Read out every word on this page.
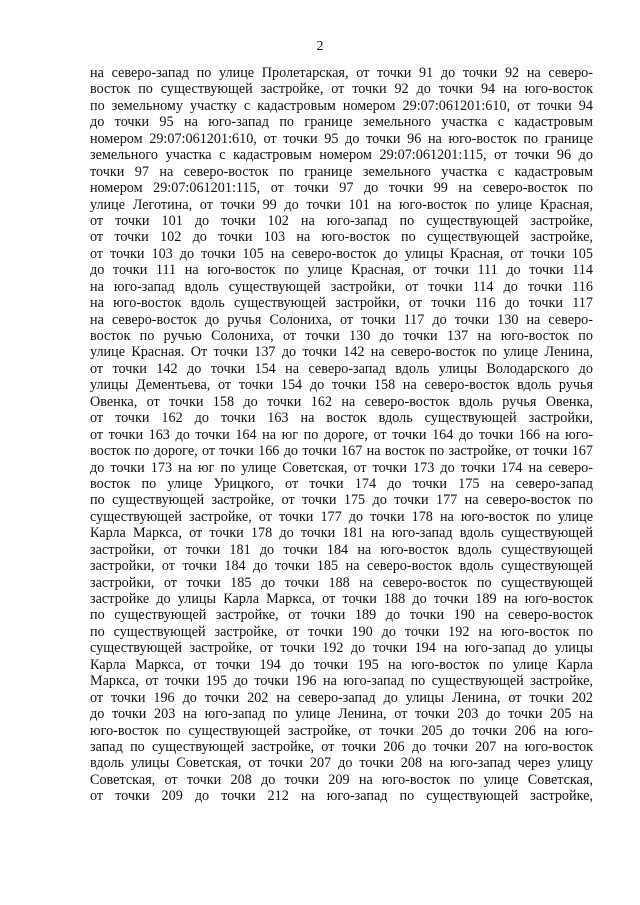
2
на северо-запад по улице Пролетарская, от точки 91 до точки 92 на северо-
восток по существующей застройке, от точки 92 до точки 94 на юго-восток
по земельному участку с кадастровым номером 29:07:061201:610, от точки 94
до точки 95 на юго-запад по границе земельного участка с кадастровым
номером 29:07:061201:610, от точки 95 до точки 96 на юго-восток по границе
земельного участка с кадастровым номером 29:07:061201:115, от точки 96 до
точки 97 на северо-восток по границе земельного участка с кадастровым
номером 29:07:061201:115, от точки 97 до точки 99 на северо-восток по
улице Леготина, от точки 99 до точки 101 на юго-восток по улице Красная,
от точки 101 до точки 102 на юго-запад по существующей застройке,
от точки 102 до точки 103 на юго-восток по существующей застройке,
от точки 103 до точки 105 на северо-восток до улицы Красная, от точки 105
до точки 111 на юго-восток по улице Красная, от точки 111 до точки 114
на юго-запад вдоль существующей застройки, от точки 114 до точки 116
на юго-восток вдоль существующей застройки, от точки 116 до точки 117
на северо-восток до ручья Солониха, от точки 117 до точки 130 на северо-
восток по ручью Солониха, от точки 130 до точки 137 на юго-восток по
улице Красная. От точки 137 до точки 142 на северо-восток по улице Ленина,
от точки 142 до точки 154 на северо-запад вдоль улицы Володарского до
улицы Дементьева, от точки 154 до точки 158 на северо-восток вдоль ручья
Овенка, от точки 158 до точки 162 на северо-восток вдоль ручья Овенка,
от точки 162 до точки 163 на восток вдоль существующей застройки,
от точки 163 до точки 164 на юг по дороге, от точки 164 до точки 166 на юго-
восток по дороге, от точки 166 до точки 167 на восток по застройке, от точки 167
до точки 173 на юг по улице Советская, от точки 173 до точки 174 на северо-
восток по улице Урицкого, от точки 174 до точки 175 на северо-запад
по существующей застройке, от точки 175 до точки 177 на северо-восток по
существующей застройке, от точки 177 до точки 178 на юго-восток по улице
Карла Маркса, от точки 178 до точки 181 на юго-запад вдоль существующей
застройки, от точки 181 до точки 184 на юго-восток вдоль существующей
застройки, от точки 184 до точки 185 на северо-восток вдоль существующей
застройки, от точки 185 до точки 188 на северо-восток по существующей
застройке до улицы Карла Маркса, от точки 188 до точки 189 на юго-восток
по существующей застройке, от точки 189 до точки 190 на северо-восток
по существующей застройке, от точки 190 до точки 192 на юго-восток по
существующей застройке, от точки 192 до точки 194 на юго-запад до улицы
Карла Маркса, от точки 194 до точки 195 на юго-восток по улице Карла
Маркса, от точки 195 до точки 196 на юго-запад по существующей застройке,
от точки 196 до точки 202 на северо-запад до улицы Ленина, от точки 202
до точки 203 на юго-запад по улице Ленина, от точки 203 до точки 205 на
юго-восток по существующей застройке, от точки 205 до точки 206 на юго-
запад по существующей застройке, от точки 206 до точки 207 на юго-восток
вдоль улицы Советская, от точки 207 до точки 208 на юго-запад через улицу
Советская, от точки 208 до точки 209 на юго-восток по улице Советская,
от точки 209 до точки 212 на юго-запад по существующей застройке,
